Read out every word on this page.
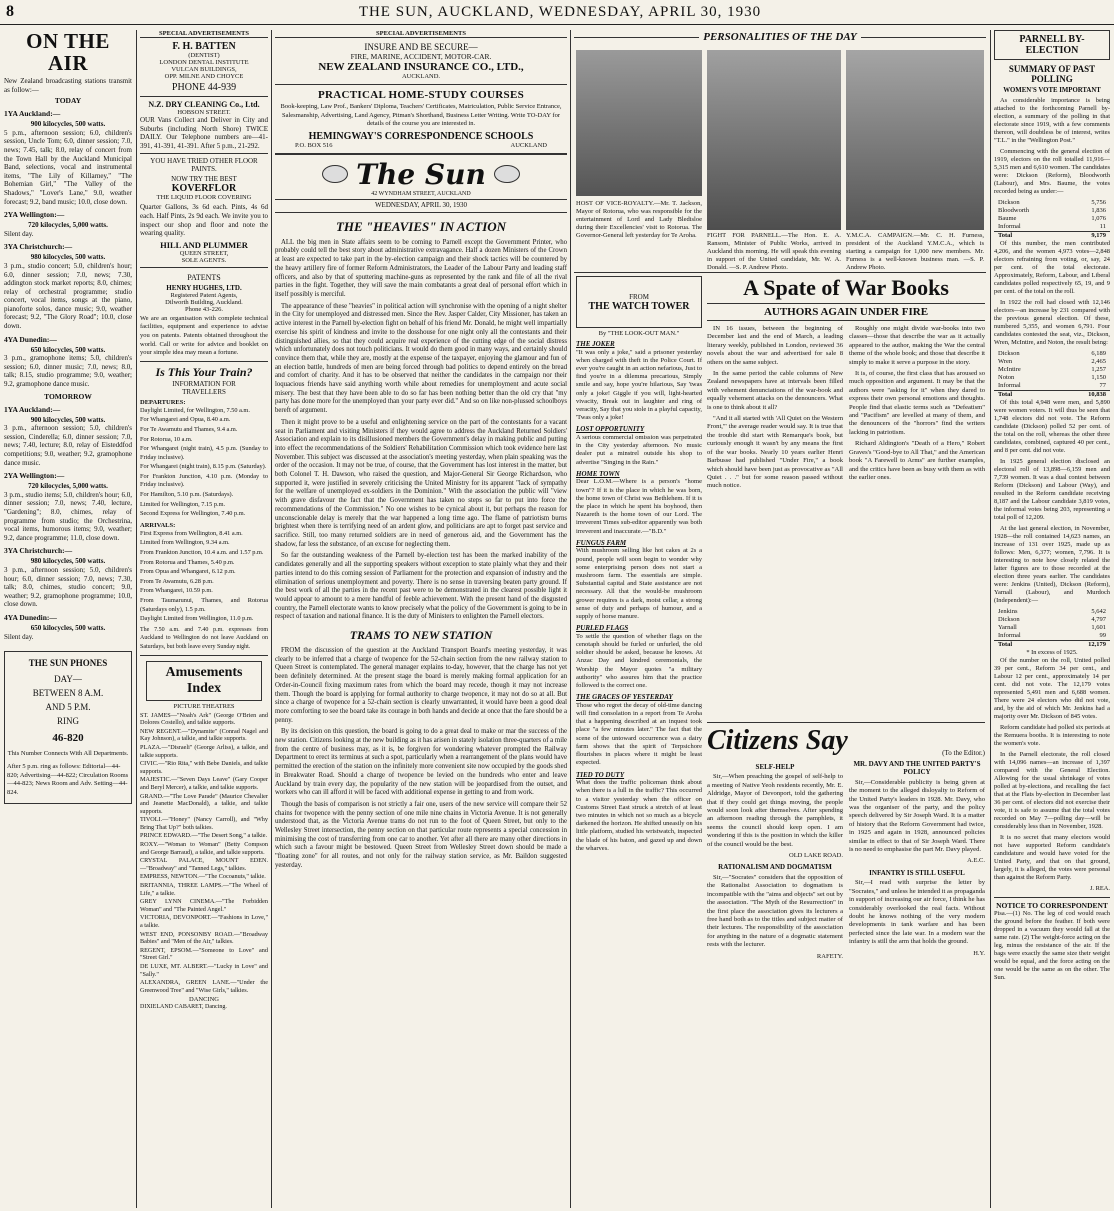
8	THE SUN, AUCKLAND, WEDNESDAY, APRIL 30, 1930
ON THE AIR
New Zealand broadcasting stations transmit as follow:—
TODAY
1YA Auckland:—
900 kilocycles, 500 watts.
5 p.m., afternoon session; 6.0, children's session, Uncle Tom; 6.0, dinner session; 7.0, news; 7.45, talk; 8.0, relay of concert from the Town Hall by the Auckland Municipal Band, selections, vocal and instrumental items, "The Lily of Killarney," "The Bohemian Girl," "The Valley of the Shadows," "Lover's Lane," 9.0, weather forecast; 9.2, band music; 10.0, close down.
2YA Wellington:—
720 kilocycles, 5,000 watts.
Silent day.
3YA Christchurch:—
980 kilocycles, 500 watts.
3 p.m., studio concert; 5.0, children's hour; 6.0, dinner session; 7.0, news; 7.30, addington stock market reports; 8.0, chimes; relay of orchestral programme; studio concert, vocal items, songs at the piano, pianoforte solos, dance music; 9.0, weather forecast; 9.2, "The Glory Road"; 10.0, close down.
4YA Dunedin:—
650 kilocycles, 500 watts.
3 p.m., gramophone items; 5.0, children's session; 6.0, dinner music; 7.0, news; 8.0, talk; 8.15, studio programme; 9.0, weather; 9.2, gramophone dance music.
TOMORROW
1YA Auckland:—
900 kilocycles, 500 watts.
3 p.m., afternoon session; 5.0, children's session, Cinderella; 6.0, dinner session; 7.0, news; 7.40, lecture; 8.0, relay of Eisteddfod competitions; 9.0, weather; 9.2, gramophone dance music.
2YA Wellington:—
720 kilocycles, 5,000 watts.
3 p.m., studio items; 5.0, children's hour; 6.0, dinner session; 7.0, news; 7.40, lecture, "Gardening"; 8.0, chimes, relay of programme from studio; the Orchestrina, vocal items, humorous items; 9.0, weather; 9.2, dance programme; 11.0, close down.
3YA Christchurch:—
980 kilocycles, 500 watts.
3 p.m., afternoon session; 5.0, children's hour; 6.0, dinner session; 7.0, news; 7.30, talk; 8.0, chimes, studio concert; 9.0, weather; 9.2, gramophone programme; 10.0, close down.
4YA Dunedin:—
650 kilocycles, 500 watts.
Silent day.
THE SUN PHONES
DAY—
BETWEEN 8 A.M.
AND 5 P.M.
RING
46-820
This Number Connects With All Departments.
After 5 p.m. ring as follows: Editorial—44-820; Advertising—44-822; Circulation Rooms—44-823; News Room and Adv. Setting—44-824.
SPECIAL ADVERTISEMENTS
F. H. BATTEN
(DENTIST)
LONDON DENTAL INSTITUTE
VULCAN BUILDINGS,
OPP. MILNE AND CHOYCE
PHONE 44-939
N.Z. DRY CLEANING Co., Ltd.
HOBSON STREET.
OUR Vans Collect and Deliver in City and Suburbs (including North Shore) TWICE DAILY. Our Telephone numbers are—41-391, 41-391, 41-391. After 5 p.m., 21-292.
YOU HAVE TRIED OTHER FLOOR PAINTS.
NOW TRY THE BEST
KOVERFLOR
THE LIQUID FLOOR COVERING
Quarter Gallons, 3s 6d each. Pints, 4s 6d each. Half Pints, 2s 9d each. We invite you to inspect our shop and floor and note the wearing quality.
HILL AND PLUMMER
QUEEN STREET,
SOLE AGENTS.
PATENTS
HENRY HUGHES, LTD.
Registered Patent Agents,
Dilworth Building, Auckland.
Phone 43-226.
We are an organisation with complete technical facilities, equipment and experience to advise you on patents. Patents obtained throughout the world. Call or write for advice and booklet on your simple idea may mean a fortune.
Is This Your Train?
INFORMATION FOR
TRAVELLERS
DEPARTURES:
Daylight Limited, for Wellington, 7.50 a.m.
For Whangarei and Opua, 8.40 a.m.
For Te Awamutu and Thames, 9.4 a.m.
For Rotorua, 10 a.m.
For Whangarei (night train), 4.5 p.m. (Sunday to Friday inclusive).
For Whangarei (night train), 8.15 p.m. (Saturday).
For Frankton Junction, 4.10 p.m. (Monday to Friday inclusive).
For Hamilton, 5.10 p.m. (Saturdays).
Limited for Wellington, 7.15 p.m.
Second Express for Wellington, 7.40 p.m.
ARRIVALS:
First Express from Wellington, 8.41 a.m.
Limited from Wellington, 9.34 a.m.
From Frankton Junction, 10.4 a.m. and 1.57 p.m.
From Rotorua and Thames, 5.40 p.m.
From Opua and Whangarei, 6.12 p.m.
From Te Awamutu, 6.28 p.m.
From Whangarei, 10.59 p.m.
From Taumarunui, Thames, and Rotorua (Saturdays only), 1.5 p.m.
Daylight Limited from Wellington, 11.0 p.m.
The 7.50 a.m. and 7.40 p.m. expresses from Auckland to Wellington do not leave Auckland on Saturdays, but both leave every Sunday night.
Amusements
Index
PICTURE THEATRES
ST. JAMES—"Noah's Ark" (George O'Brien and Dolores Costello), and talkie supports.
NEW REGENT.—"Dynamite" (Conrad Nagel and Kay Johnson), a talkie, and talkie supports.
PLAZA.—"Disraeli" (George Arliss), a talkie, and talkie supports.
CIVIC.—"Rio Rita," with Bebe Daniels, and talkie supports.
MAJESTIC.—"Seven Days Leave" (Gary Cooper and Beryl Mercer), a talkie, and talkie supports.
GRAND.—"The Love Parade" (Maurice Chevalier and Jeanette MacDonald), a talkie, and talkie supports.
TIVOLI.—"Honey" (Nancy Carroll), and "Why Bring That Up?" both talkies.
PRINCE EDWARD.—"The Desert Song," a talkie.
ROXY.—"Woman to Woman" (Betty Compson and George Barraud), a talkie, and talkie supports.
CRYSTAL PALACE, MOUNT EDEN.—"Broadway" and "Tanned Legs," talkies.
EMPRESS, NEWTON.—"The Cocoanuts," talkie.
BRITANNIA, THREE LAMPS.—"The Wheel of Life," a talkie.
GREY LYNN CINEMA.—"The Forbidden Woman" and "The Painted Angel."
VICTORIA, DEVONPORT.—"Fashions in Love," a talkie.
WEST END, PONSONBY ROAD.—"Broadway Babies" and "Men of the Air," talkies.
REGENT, EPSOM.—"Someone to Love" and "Street Girl."
DE LUXE, MT. ALBERT.—"Lucky in Love" and "Sally."
ALEXANDRA, GREEN LANE.—"Under the Greenwood Tree" and "Wise Girls," talkies.
DANCING
DIXIELAND CABARET, Dancing.
SPECIAL ADVERTISEMENTS
INSURE AND BE SECURE—
FIRE, MARINE, ACCIDENT, MOTOR-CAR.
NEW ZEALAND INSURANCE CO., LTD.,
AUCKLAND.
PRACTICAL HOME-STUDY COURSES
Book-keeping, Law Prof., Bankers' Diploma, Teachers' Certificates, Matriculation, Public Service Entrance, Salesmanship, Advertising, Land Agency, Pitman's Shorthand, Business Letter Writing. Write TO-DAY for details of the course you are interested in.
HEMINGWAY'S CORRESPONDENCE SCHOOLS
P.O. BOX 516	AUCKLAND
The Sun
42 WYNDHAM STREET, AUCKLAND
WEDNESDAY, APRIL 30, 1930
THE "HEAVIES" IN ACTION

ALL the big men in State affairs seem to be coming to Parnell except the Government Printer, who probably could tell the best story about administrative extravagance. Half a dozen Ministers of the Crown at least are expected to take part in the by-election campaign and their shock tactics will be countered by the heavy artillery fire of former Reform Administrators, the Leader of the Labour Party and leading staff officers, and also by that of sputtering machine-guns as represented by the rank and file of all the rival parties in the fight. Together, they will save the main combatants a great deal of personal effort which in itself possibly is merciful.

The appearance of these "heavies" in political action will synchronise with the opening of a night shelter in the City for unemployed and distressed men. Since the Rev. Jasper Calder, City Missioner, has taken an active interest in the Parnell by-election fight on behalf of his friend Mr. Donald, he might well impartially exercise his spirit of kindness and invite to the dosshouse for one night only all the contestants and their distinguished allies, so that they could acquire real experience of the cutting edge of the social distress which unfortunately does not touch politicians. It would do them good in many ways, and certainly should convince them that, while they are, mostly at the expense of the taxpayer, enjoying the glamour and fun of an election battle, hundreds of men are being forced through bad politics to depend entirely on the bread and comfort of charity. And it has to be observed that neither the candidates in the campaign nor their loquacious friends have said anything worth while about remedies for unemployment and acute social misery. The best that they have been able to do so far has been nothing better than the old cry that "my party has done more for the unemployed than your party ever did." And so on like non-plussed schoolboys bereft of argument.

Then it might prove to be a useful and enlightening service on the part of the contestants for a vacant seat in Parliament and visiting Ministers if they would agree to address the Auckland Returned Soldiers' Association and explain to its disillusioned members the Government's delay in making public and putting into effect the recommendations of the Soldiers' Rehabilitation Commission which took evidence here last November. This subject was discussed at the association's meeting yesterday, when plain speaking was the order of the occasion. It may not be true, of course, that the Government has lost interest in the matter, but both Colonel T. H. Dawson, who raised the question, and Major-General Sir George Richardson, who supported it, were justified in severely criticising the United Ministry for its apparent "lack of sympathy for the welfare of unemployed ex-soldiers in the Dominion." With the association the public will "view with grave disfavour the fact that the Government has taken no steps so far to put into force the recommendations of the Commission." No one wishes to be cynical about it, but perhaps the reason for unconscionable delay is merely that the war happened a long time ago. The flame of patriotism burns brightest when there is terrifying need of an ardent glow, and politicians are apt to forget past service and sacrifice. Still, too many returned soldiers are in need of generous aid, and the Government has the shadow, far less the substance, of an excuse for neglecting them.

So far the outstanding weakness of the Parnell by-election test has been the marked inability of the candidates generally and all the supporting speakers without exception to state plainly what they and their parties intend to do this coming session of Parliament for the protection and expansion of industry and the elimination of serious unemployment and poverty. There is no sense in traversing beaten party ground. If the best work of all the parties in the recent past were to be demonstrated in the clearest possible light it would appear to amount to a mere handful of feeble achievement. With the present hand of the disgusted country, the Parnell electorate wants to know precisely what the policy of the Government is going to be in respect of taxation and national finance. It is the duty of Ministers to enlighten the Parnell electors.

TRAMS TO NEW STATION

FROM the discussion of the question at the Auckland Transport Board's meeting yesterday, it was clearly to be inferred that a charge of twopence for the 52-chain section from the new railway station to Queen Street is contemplated. The general manager explains to-day, however, that the charge has not yet been definitely determined. At the present stage the board is merely making formal application for an Order-in-Council fixing maximum rates from which the board may recede, though it may not increase them. Though the board is applying for formal authority to charge twopence, it may not do so at all. But since a charge of twopence for a 52-chain section is clearly unwarranted, it would have been a good deal more comforting to see the board take its courage in both hands and decide at once that the fare should be a penny.

By its decision on this question, the board is going to do a great deal to make or mar the success of the new station. Citizens looking at the new building as it has arisen in stately isolation three-quarters of a mile from the centre of business may, as it is, be forgiven for wondering whatever prompted the Railway Department to erect its terminus at such a spot, particularly when a rearrangement of the plans would have permitted the erection of the station on the infinitely more convenient site now occupied by the goods shed in Breakwater Road. Should a charge of twopence be levied on the hundreds who enter and leave Auckland by train every day, the popularity of the new station will be jeopardised from the outset, and workers who can ill afford it will be faced with additional expense in getting to and from work.

Though the basis of comparison is not strictly a fair one, users of the new service will compare their 52 chains for twopence with the penny section of one mile nine chains in Victoria Avenue. It is not generally understood that, as the Victoria Avenue trams do not run to the foot of Queen Street, but only to the Wellesley Street intersection, the penny section on that particular route represents a special concession in minimising the cost of transferring from one car to another. Yet after all there are many other directions in which such a favour might be bestowed. Queen Street from Wellesley Street down should be made a "floating zone" for all routes, and not only for the railway station service, as Mr. Baildon suggested yesterday.

PERSONALITIES OF THE DAY
HOST OF VICE-ROYALTY.—Mr. T. Jackson, Mayor of Rotorua, who was responsible for the entertainment of Lord and Lady Bledisloe during their Excellencies' visit to Rotorua. The Governor-General left yesterday for Te Aroha.	FIGHT FOR PARNELL.—The Hon. E. A. Ransom, Minister of Public Works, arrived in Auckland this morning. He will speak this evening in support of the United candidate, Mr. W. A. Donald. —S. P. Andrew Photo.
Y.M.C.A. CAMPAIGN.—Mr. C. H. Furness, president of the Auckland Y.M.C.A., which is starting a campaign for 1,000 new members. Mr. Furness is a well-known business man. —S. P. Andrew Photo.
FROM
THE WATCH TOWER
By "THE LOOK-OUT MAN."
THE JOKER
"It was only a joke," said a prisoner yesterday when charged with theft in the Police Court. If ever you're caught in an action nefarious, Just to find you're in a dilemma precarious, Simply smile and say, hope you're hilarious, Say 'twas only a joke! Giggle if you will, light-hearted vivacity, Break out in laughter and ring of veracity, Say that you stole in a playful capacity, 'Twas only a joke!
LOST OPPORTUNITY
A serious commercial omission was perpetrated in the City yesterday afternoon. No music dealer put a minstrel outside his shop to advertise "Singing in the Rain."
HOME TOWN
Dear L.O.M.—Where is a person's "home town"? If it is the place in which he was born, the home town of Christ was Bethlehem. If it is the place in which he spent his boyhood, then Nazareth is the home town of our Lord. The irreverent Times sub-editor apparently was both irreverent and inaccurate.—"B.D."
FUNGUS FARM
With mushroom selling like hot cakes at 2s a pound, people will soon begin to wonder why some enterprising person does not start a mushroom farm. The essentials are simple. Substantial capital and State assistance are not necessary. All that the would-be mushroom grower requires is a dark, moist cellar, a strong sense of duty and perhaps of humour, and a supply of horse manure.
PURLED FLAGS
To settle the question of whether flags on the cenotaph should be furled or unfurled, the old soldier should be asked, because he knows. At Anzac Day and kindred ceremonials, the Worship the Mayor quotes "a military authority" who assures him that the practice followed is the correct one.
THE GRACES OF YESTERDAY
Those who regret the decay of old-time dancing will find consolation in a report from Te Aroha that a happening described at an inquest took place "a few minutes later." The fact that the scene of the untoward occurrence was a dairy farm shows that the spirit of Terpsichore flourishes in places where it might be least expected.
TIED TO DUTY
What does the traffic policeman think about when there is a lull in the traffic? This occurred to a visitor yesterday when the officer on Customs Street East struck a stretch of at least two minutes in which not so much as a bicycle darkened the horizon. He shifted uneasily on his little platform, studied his wristwatch, inspected the blade of his baton, and gazed up and down the wharves.
A Spate of War Books
AUTHORS AGAIN UNDER FIRE

IN 16 issues, between the beginning of December last and the end of March, a leading literary weekly, published in London, reviewed 36 novels about the war and advertised for sale 8 others on the same subject.

In the same period the cable columns of New Zealand newspapers have at intervals been filled with vehement denunciations of the war-book and equally vehement attacks on the denouncers. What is one to think about it all?

"And it all started with 'All Quiet on the Western Front,'" the average reader would say. It is true that the trouble did start with Remarque's book, but curiously enough it wasn't by any means the first of the war books. Nearly 10 years earlier Henri Barbusse had published "Under Fire," a book which should have been just as provocative as "All Quiet . . ." but for some reason passed without much notice.

Roughly one might divide war-books into two classes—those that describe the war as it actually appeared to the author, making the War the central theme of the whole book; and those that describe it simply to make it serve a purpose in the story.

It is, of course, the first class that has aroused so much opposition and argument. It may be that the authors were "asking for it" when they dared to express their own personal emotions and thoughts. People find that elastic terms such as "Defeatism" and "Pacifism" are levelled at many of them, and the denouncers of the "horrors" find the writers lacking in patriotism.

Richard Aldington's "Death of a Hero," Robert Graves's "Good-bye to All That," and the American book "A Farewell to Arms" are further examples, and the critics have been as busy with them as with the earlier ones.

Citizens Say	(To the Editor.)
SELF-HELP

Sir,—When preaching the gospel of self-help to a meeting of Native Yeoh residents recently, Mr. E. Aldridge, Mayor of Devonport, told the gathering that if they could get things moving, the people would soon look after themselves. After spending an afternoon reading through the pamphlets, it seems the council should keep open. I am wondering if this is the position in which the killer of the council would be the best.

OLD LAKE ROAD.
RATIONALISM AND DOGMATISM

Sir,—"Socrates" considers that the opposition of the Rationalist Association to dogmatism is incompatible with the "aims and objects" set out by the association. "The Myth of the Resurrection" in the first place the association gives its lecturers a free hand both as to the titles and subject matter of their lectures. The responsibility of the association for anything in the nature of a dogmatic statement rests with the lecturer.

RAFETY.
MR. DAVY AND THE UNITED PARTY'S POLICY

Sir,—Considerable publicity is being given at the moment to the alleged disloyalty to Reform of the United Party's leaders in 1928. Mr. Davy, who was the organiser of the party, and the policy speech delivered by Sir Joseph Ward. It is a matter of history that the Reform Government had twice, in 1925 and again in 1928, announced policies similar in effect to that of Sir Joseph Ward. There is no need to emphasise the part Mr. Davy played.

A.E.C.
INFANTRY IS STILL USEFUL

Sir,—I read with surprise the letter by "Socrates," and unless he intended it as propaganda in support of increasing our air force, I think he has considerably overlooked the real facts. Without doubt he knows nothing of the very modern developments in tank warfare and has been perfected since the late war. In a modern war the infantry is still the arm that holds the ground.

H.Y.
PARNELL BY-ELECTION
SUMMARY OF PAST POLLING
WOMEN'S VOTE IMPORTANT

As considerable importance is being attached to the forthcoming Parnell by-election, a summary of the polling in that electorate since 1919, with a few comments thereon, will doubtless be of interest, writes "T.L." in the "Wellington Post."

Commencing with the general election of 1919, electors on the roll totalled 11,916—5,315 men and 6,610 women. The candidates were: Dickson (Reform), Bloodworth (Labour), and Mrs. Baume, the votes recorded being as under:—

Dickson	5,756
Bloodworth	1,836
Baume	1,076
Informal	11
Total	9,179

Of this number, the men contributed 4,206, and the women 4,973 votes—2,848 electors refraining from voting, or, say, 24 per cent. of the total electorate. Approximately, Reform, Labour, and Liberal candidates polled respectively 65, 19, and 9 per cent. of the total on the roll.

In 1922 the roll had closed with 12,146 electors—an increase by 231 compared with the previous general election. Of these, numbered 5,355, and women 6,791. Four candidates contested the seat, viz., Dickson, Wren, McIntire, and Noton, the result being:

Dickson	6,189
Wren	2,465
McIntire	1,257
Noton	1,150
Informal	77
Total	10,838

Of this total 4,948 were men, and 5,890 were women voters. It will thus be seen that 1,748 electors did not vote. The Reform candidate (Dickson) polled 52 per cent. of the total on the roll, whereas the other three candidates, combined, captured 40 per cent., and 8 per cent. did not vote.

In 1925 general election disclosed an electoral roll of 13,898—6,159 men and 7,739 women. It was a dual contest between Reform (Dickson) and Labour (Way), and resulted in the Reform candidate receiving 8,187 and the Labour candidate 3,819 votes, the informal votes being 203, representing a total poll of 12,209.

At the last general election, in November, 1928—the roll contained 14,623 names, an increase of 131 over 1925, made up as follows: Men, 6,377; women, 7,796. It is interesting to note how closely related the latter figures are to those recorded at the election three years earlier. The candidates were: Jenkins (United), Dickson (Reform), Yarnall (Labour), and Murdoch (Independent):—

Jenkins	5,642
Dickson	4,797
Yarnall	1,601
Informal	99
Total	12,179
* In excess of 1925.

Of the number on the roll, United polled 39 per cent., Reform 34 per cent., and Labour 12 per cent., approximately 14 per cent. did not vote. The 12,179 votes represented 5,491 men and 6,688 women. There were 24 electors who did not vote, and, by the aid of which Mr. Jenkins had a majority over Mr. Dickson of 845 votes.

Reform candidate had polled six periods at the Remuera booths. It is interesting to note the women's vote.

In the Parnell electorate, the roll closed with 14,096 names—an increase of 1,397 compared with the General Election. Allowing for the usual shrinkage of votes polled at by-elections, and recalling the fact that at the Flats by-election in December last 36 per cent. of electors did not exercise their vote, it is safe to assume that the total votes recorded on May 7—polling day—will be considerably less than in November, 1928.

It is no secret that many electors would not have supported Reform candidate's candidature and would have voted for the United Party, and that on that ground, largely, it is alleged, the votes were personal than against the Reform Party.

J. REA.
NOTICE TO CORRESPONDENT
Pisa.—(1) No. The leg of cod would reach the ground before the feather. If both were dropped in a vacuum they would fall at the same rate. (2) The weight-force acting on the leg, minus the resistance of the air. If the bags were exactly the same size their weight would be equal, and the force acting on the one would be the same as on the other. The Sun.
